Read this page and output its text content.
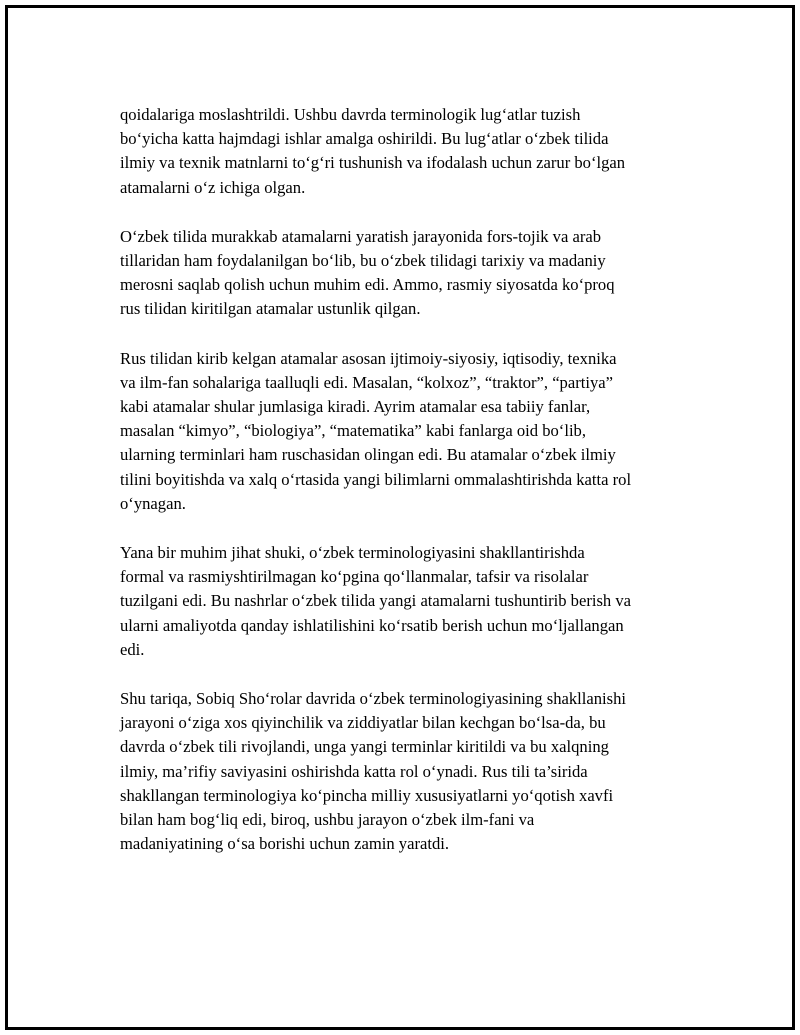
qoidalariga moslashtrildi. Ushbu davrda terminologik lug‘atlar tuzish
bo‘yicha katta hajmdagi ishlar amalga oshirildi. Bu lug‘atlar o‘zbek tilida
ilmiy va texnik matnlarni to‘g‘ri tushunish va ifodalash uchun zarur bo‘lgan
atamalarni o‘z ichiga olgan.

O‘zbek tilida murakkab atamalarni yaratish jarayonida fors-tojik va arab
tillaridan ham foydalanilgan bo‘lib, bu o‘zbek tilidagi tarixiy va madaniy
merosni saqlab qolish uchun muhim edi. Ammo, rasmiy siyosatda ko‘proq
rus tilidan kiritilgan atamalar ustunlik qilgan.

Rus tilidan kirib kelgan atamalar asosan ijtimoiy-siyosiy, iqtisodiy, texnika
va ilm-fan sohalariga taalluqli edi. Masalan, “kolxoz”, “traktor”, “partiya”
kabi atamalar shular jumlasiga kiradi. Ayrim atamalar esa tabiiy fanlar,
masalan “kimyo”, “biologiya”, “matematika” kabi fanlarga oid bo‘lib,
ularning terminlari ham ruschasidan olingan edi. Bu atamalar o‘zbek ilmiy
tilini boyitishda va xalq o‘rtasida yangi bilimlarni ommalashtirishda katta rol
o‘ynagan.

Yana bir muhim jihat shuki, o‘zbek terminologiyasini shakllantirishda
formal va rasmiyshtirilmagan ko‘pgina qo‘llanmalar, tafsir va risolalar
tuzilgani edi. Bu nashrlar o‘zbek tilida yangi atamalarni tushuntirib berish va
ularni amaliyotda qanday ishlatilishini ko‘rsatib berish uchun mo‘ljallangan
edi.

Shu tariqa, Sobiq Sho‘rolar davrida o‘zbek terminologiyasining shakllanishi
jarayoni o‘ziga xos qiyinchilik va ziddiyatlar bilan kechgan bo‘lsa-da, bu
davrda o‘zbek tili rivojlandi, unga yangi terminlar kiritildi va bu xalqning
ilmiy, ma’rifiy saviyasini oshirishda katta rol o‘ynadi. Rus tili ta’sirida
shakllangan terminologiya ko‘pincha milliy xususiyatlarni yo‘qotish xavfi
bilan ham bog‘liq edi, biroq, ushbu jarayon o‘zbek ilm-fani va
madaniyatining o‘sa borishi uchun zamin yaratdi.
